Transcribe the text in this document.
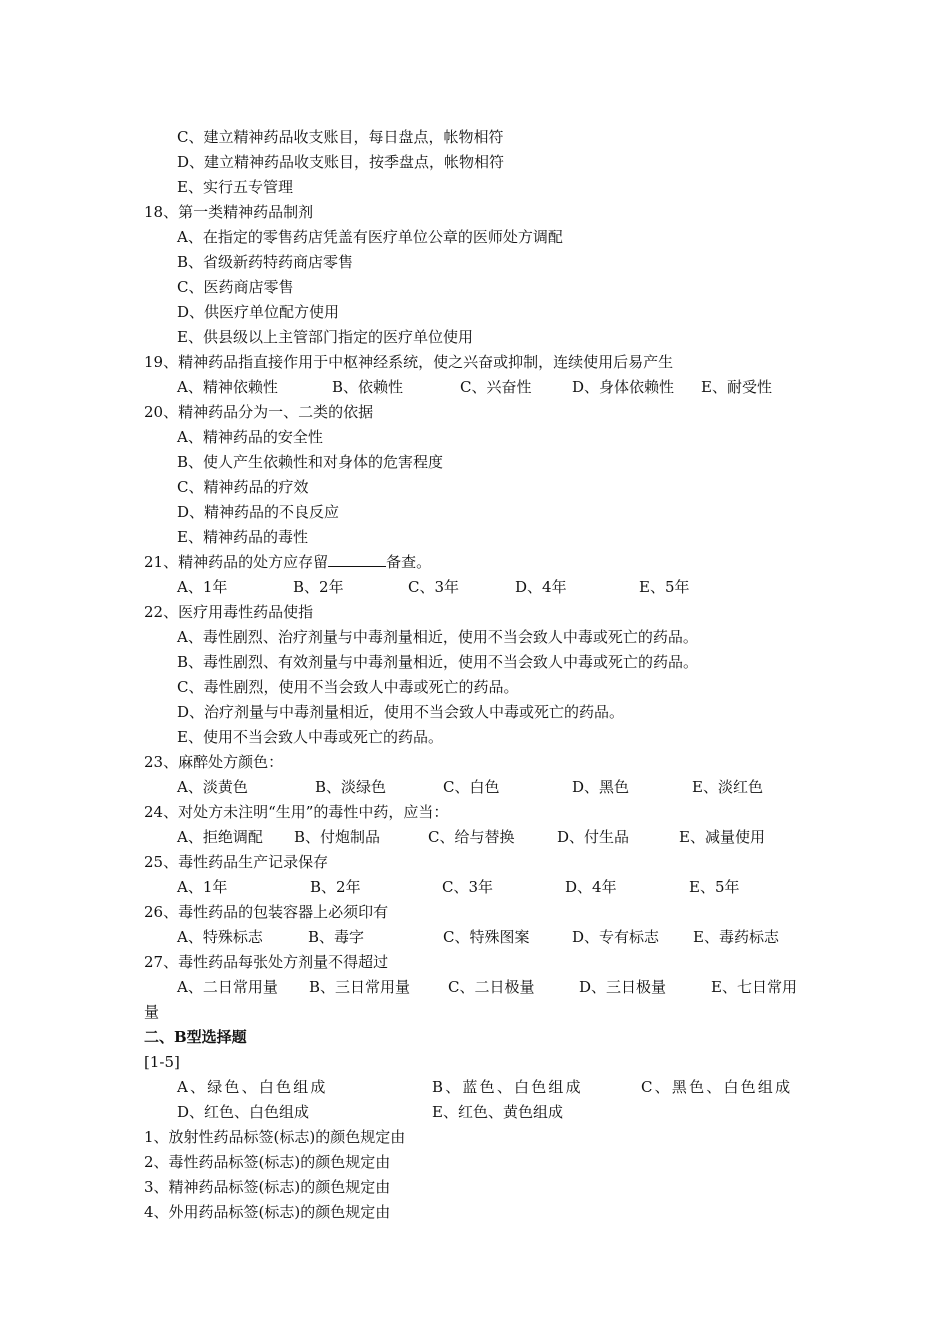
C、建立精神药品收支账目，每日盘点，帐物相符
D、建立精神药品收支账目，按季盘点，帐物相符
E、实行五专管理
18、第一类精神药品制剂
A、在指定的零售药店凭盖有医疗单位公章的医师处方调配
B、省级新药特药商店零售
C、医药商店零售
D、供医疗单位配方使用
E、供县级以上主管部门指定的医疗单位使用
19、精神药品指直接作用于中枢神经系统，使之兴奋或抑制，连续使用后易产生
A、精神依赖性	B、依赖性	C、兴奋性	D、身体依赖性 E、耐受性
20、精神药品分为一、二类的依据
A、精神药品的安全性
B、使人产生依赖性和对身体的危害程度
C、精神药品的疗效
D、精神药品的不良反应
E、精神药品的毒性
21、精神药品的处方应存留	备查。
A、1年	B、2年	C、3年	D、4年	E、5年
22、医疗用毒性药品使指
A、毒性剧烈、治疗剂量与中毒剂量相近，使用不当会致人中毒或死亡的药品。
B、毒性剧烈、有效剂量与中毒剂量相近，使用不当会致人中毒或死亡的药品。
C、毒性剧烈，使用不当会致人中毒或死亡的药品。
D、治疗剂量与中毒剂量相近，使用不当会致人中毒或死亡的药品。
E、使用不当会致人中毒或死亡的药品。
23、麻醉处方颜色：
A、淡黄色	B、淡绿色	C、白色	D、黑色	E、淡红色
24、对处方未注明“生用”的毒性中药，应当：
A、拒绝调配 B、付炮制品	C、给与替换	D、付生品	E、减量使用
25、毒性药品生产记录保存
A、1年	B、2年	C、3年	D、4年	E、5年
26、毒性药品的包装容器上必须印有
A、特殊标志	B、毒字	C、特殊图案	D、专有标志 E、毒药标志
27、毒性药品每张处方剂量不得超过
A、二日常用量 B、三日常用量	C、二日极量	D、三日极量	E、七日常用
量
二、B型选择题
[1-5]
A、绿色、白色组成	B、蓝色、白色组成	C、黑色、白色组成
D、红色、白色组成	E、红色、黄色组成
1、放射性药品标签(标志)的颜色规定由
2、毒性药品标签(标志)的颜色规定由
3、精神药品标签(标志)的颜色规定由
4、外用药品标签(标志)的颜色规定由
